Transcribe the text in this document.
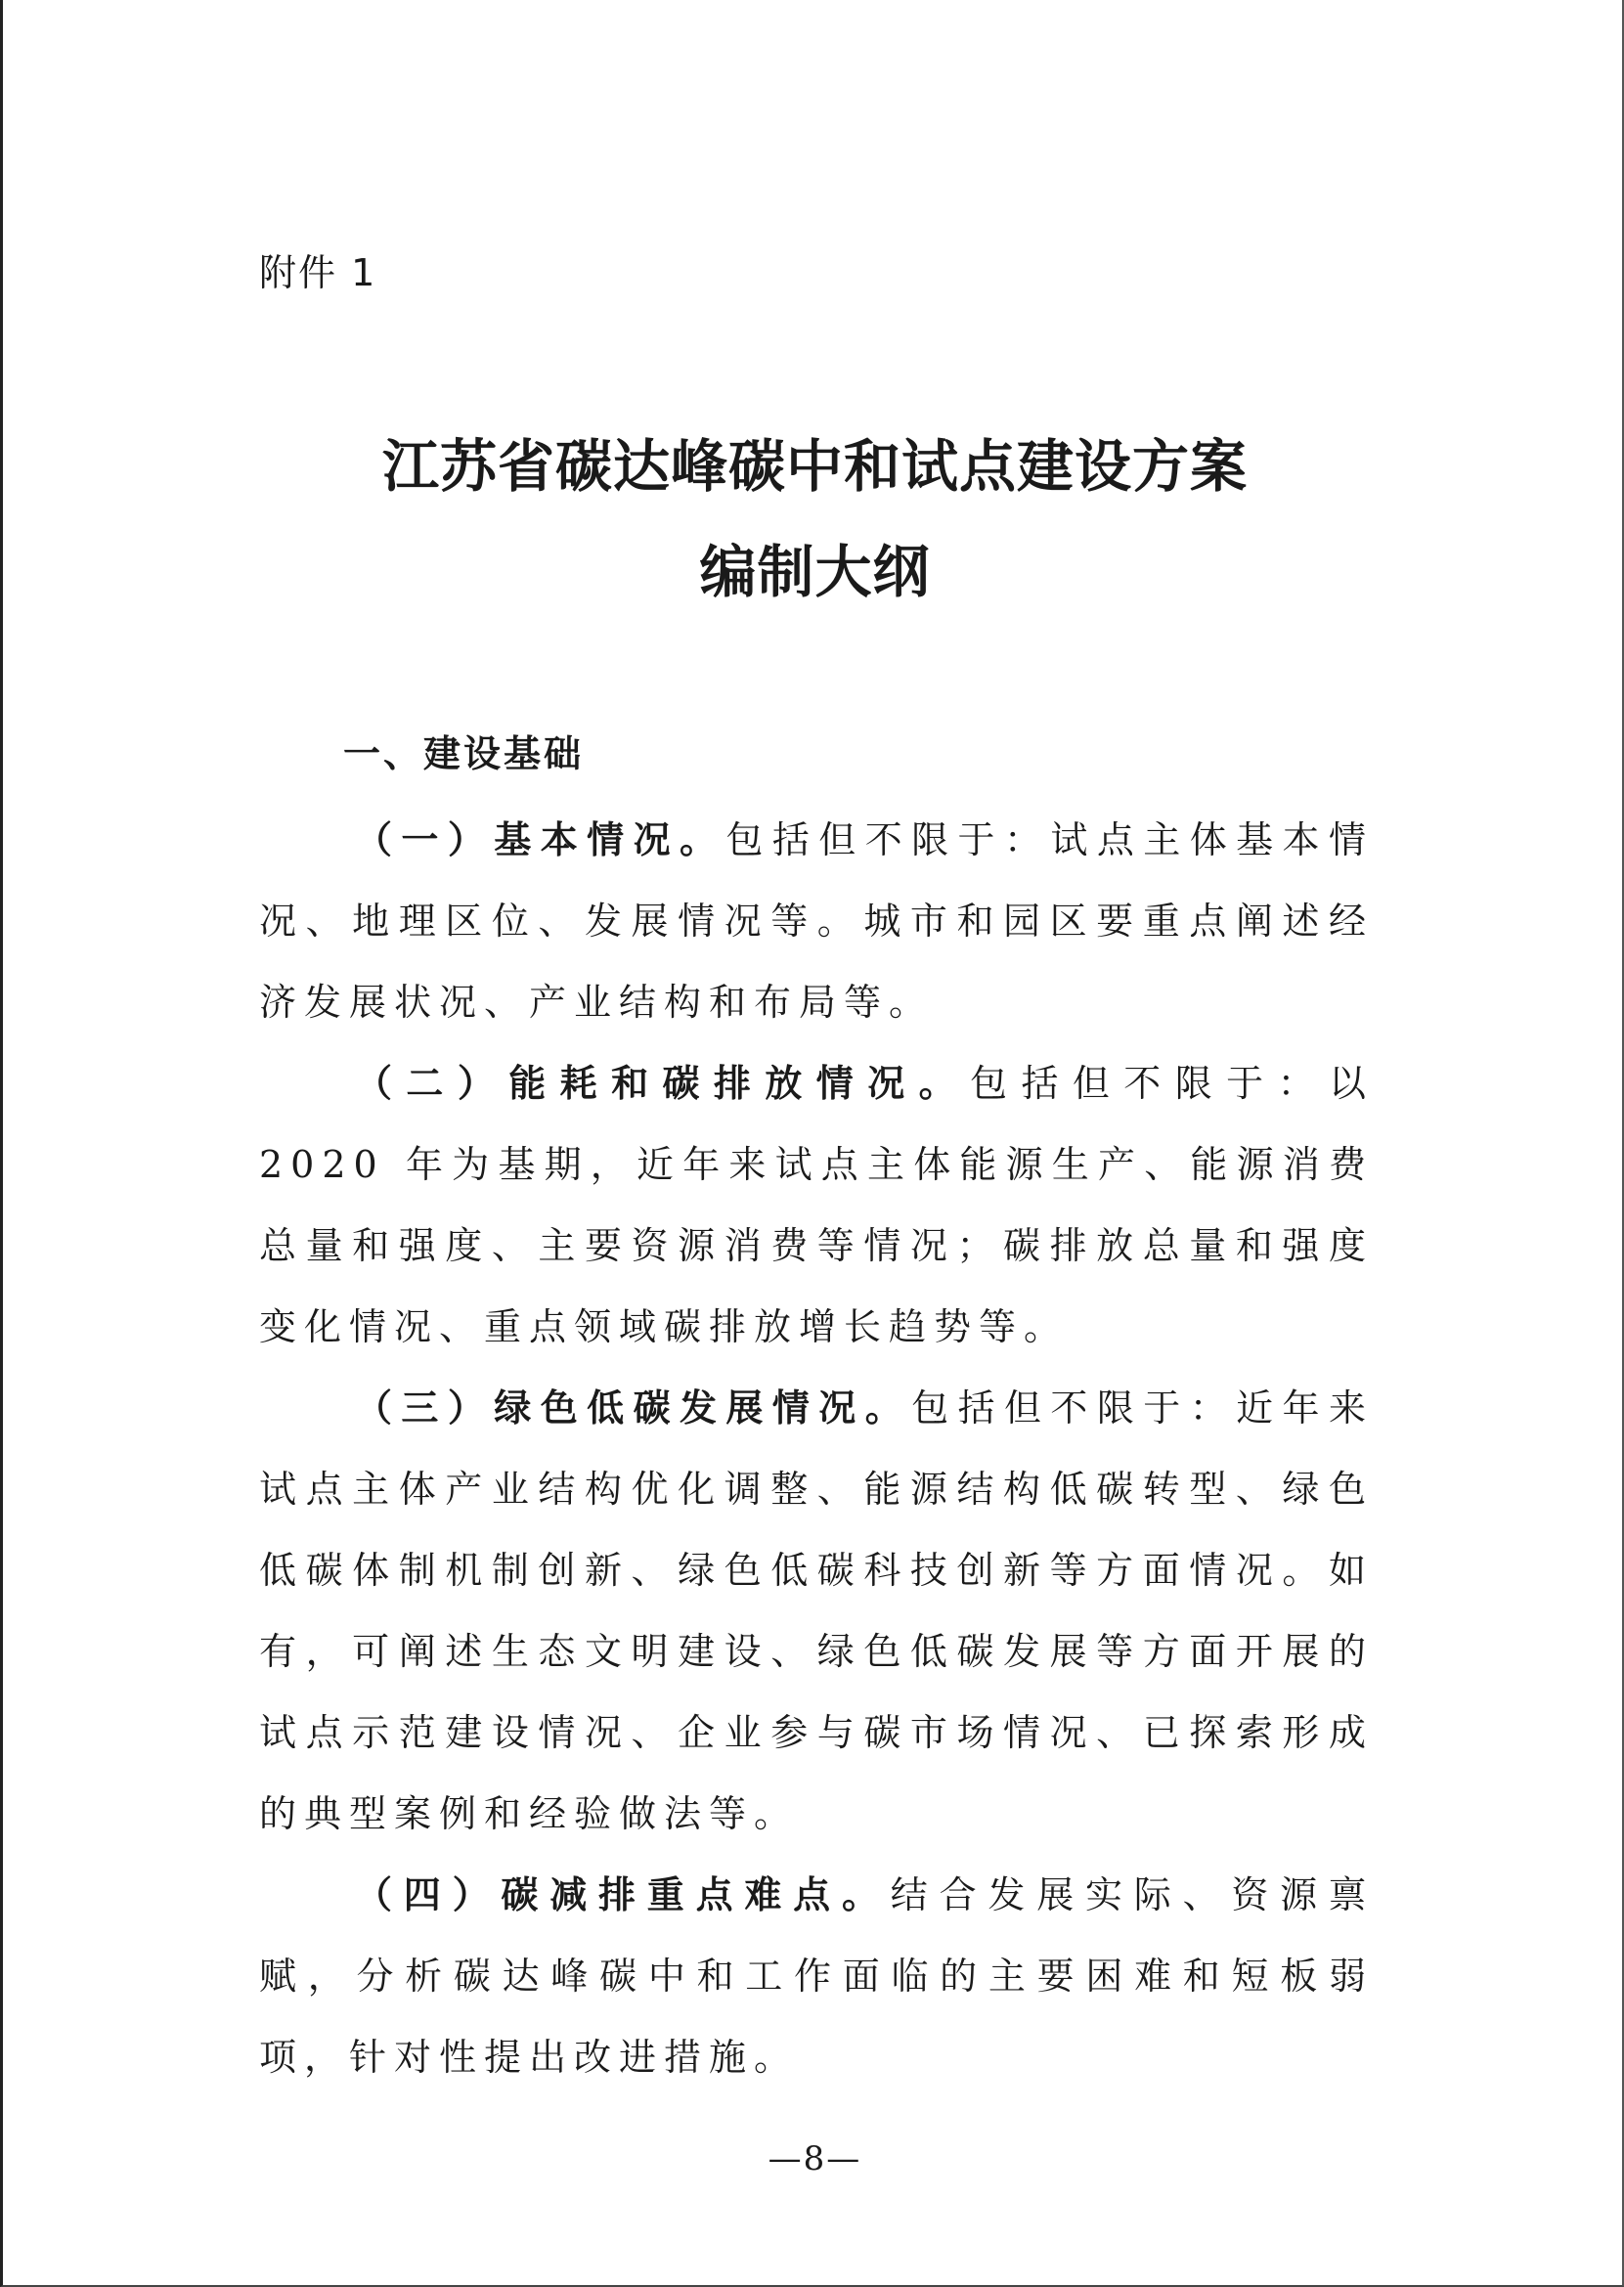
附件 1
江苏省碳达峰碳中和试点建设方案
编制大纲
一、建设基础

（一）基本情况。包括但不限于：试点主体基本情况、地理区位、发展情况等。城市和园区要重点阐述经济发展状况、产业结构和布局等。

（二）能耗和碳排放情况。包括但不限于：以 2020 年为基期，近年来试点主体能源生产、能源消费总量和强度、主要资源消费等情况；碳排放总量和强度变化情况、重点领域碳排放增长趋势等。

（三）绿色低碳发展情况。包括但不限于：近年来试点主体产业结构优化调整、能源结构低碳转型、绿色低碳体制机制创新、绿色低碳科技创新等方面情况。如有，可阐述生态文明建设、绿色低碳发展等方面开展的试点示范建设情况、企业参与碳市场情况、已探索形成的典型案例和经验做法等。

（四）碳减排重点难点。结合发展实际、资源禀赋，分析碳达峰碳中和工作面临的主要困难和短板弱项，针对性提出改进措施。

—8—
